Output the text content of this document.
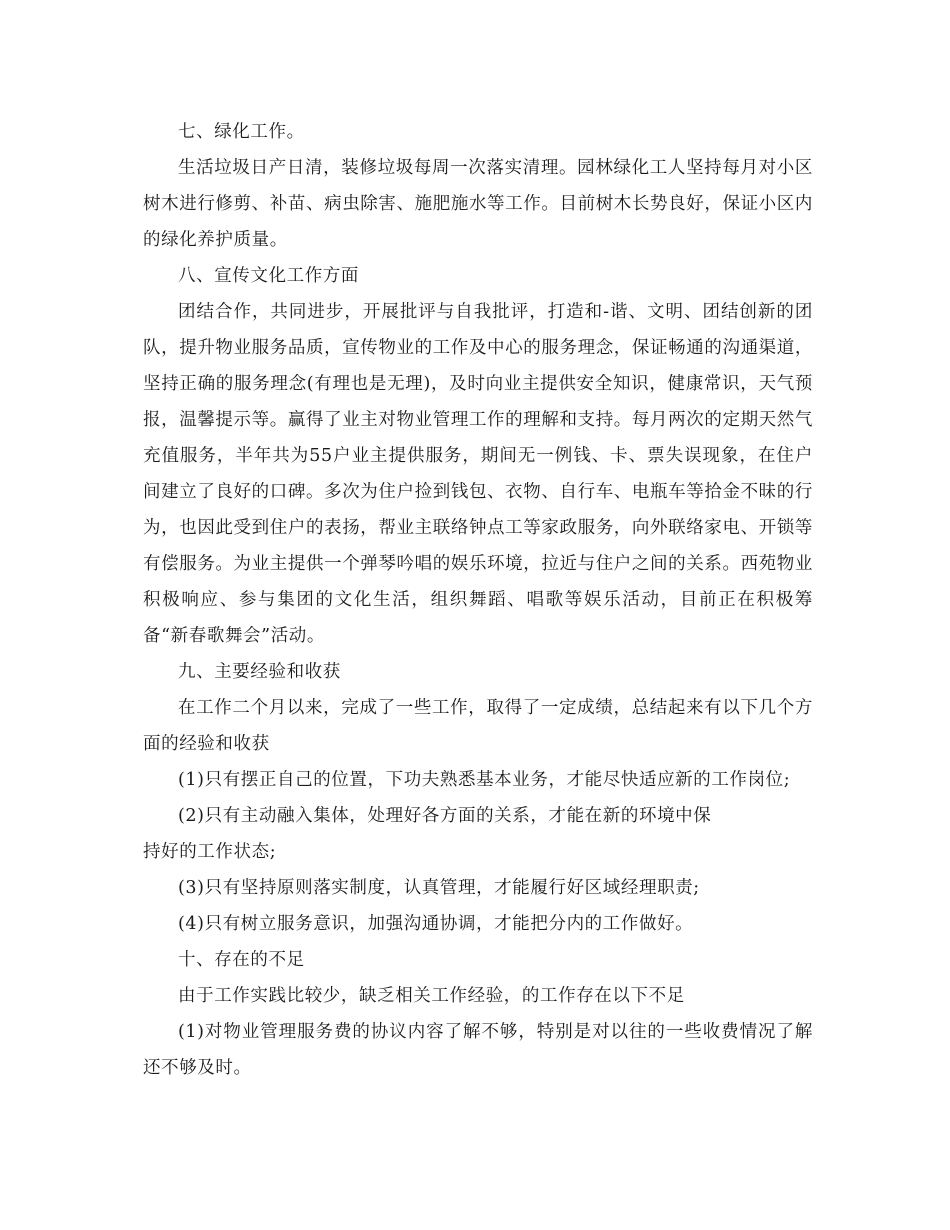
七、绿化工作。

生活垃圾日产日清，装修垃圾每周一次落实清理。园林绿化工人坚持每月对小区树木进行修剪、补苗、病虫除害、施肥施水等工作。目前树木长势良好，保证小区内的绿化养护质量。

八、宣传文化工作方面

团结合作，共同进步，开展批评与自我批评，打造和-谐、文明、团结创新的团队，提升物业服务品质，宣传物业的工作及中心的服务理念，保证畅通的沟通渠道，坚持正确的服务理念(有理也是无理)，及时向业主提供安全知识，健康常识，天气预报，温馨提示等。赢得了业主对物业管理工作的理解和支持。每月两次的定期天然气充值服务，半年共为55户业主提供服务，期间无一例钱、卡、票失误现象，在住户间建立了良好的口碑。多次为住户捡到钱包、衣物、自行车、电瓶车等拾金不昧的行为，也因此受到住户的表扬，帮业主联络钟点工等家政服务，向外联络家电、开锁等有偿服务。为业主提供一个弹琴吟唱的娱乐环境，拉近与住户之间的关系。西苑物业积极响应、参与集团的文化生活，组织舞蹈、唱歌等娱乐活动，目前正在积极筹备“新春歌舞会”活动。

九、主要经验和收获

在工作二个月以来，完成了一些工作，取得了一定成绩，总结起来有以下几个方面的经验和收获

(1)只有摆正自己的位置，下功夫熟悉基本业务，才能尽快适应新的工作岗位;

(2)只有主动融入集体，处理好各方面的关系，才能在新的环境中保

持好的工作状态;

(3)只有坚持原则落实制度，认真管理，才能履行好区域经理职责;

(4)只有树立服务意识，加强沟通协调，才能把分内的工作做好。

十、存在的不足

由于工作实践比较少，缺乏相关工作经验，的工作存在以下不足

(1)对物业管理服务费的协议内容了解不够，特别是对以往的一些收费情况了解还不够及时。
